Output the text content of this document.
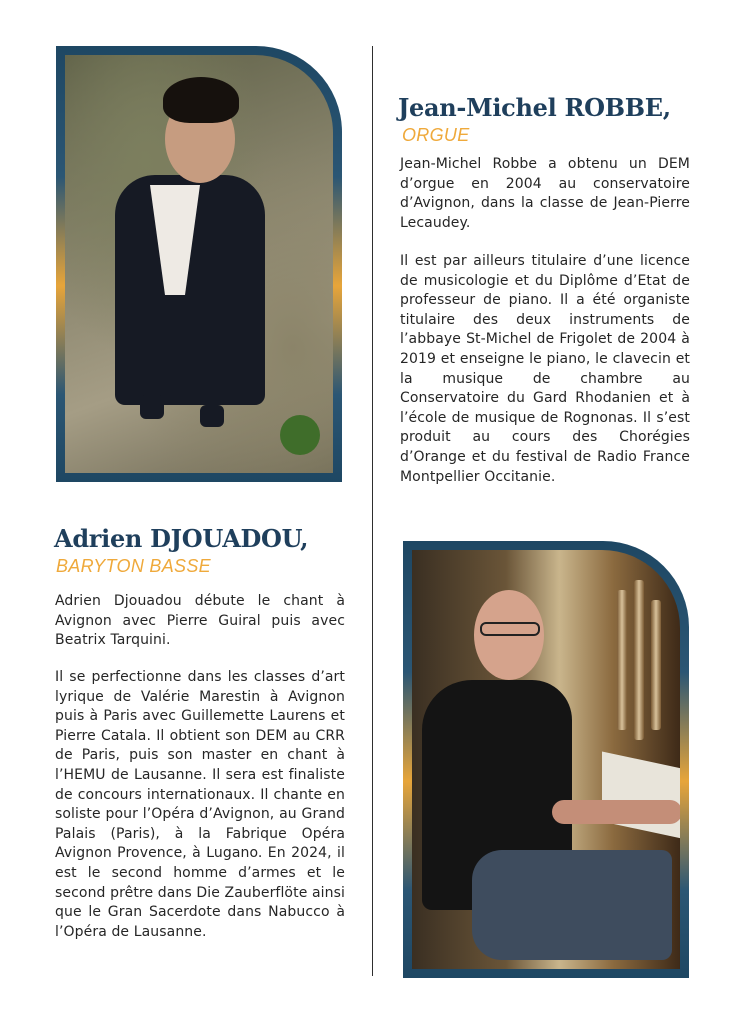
Jean-Michel ROBBE,

ORGUE

Jean-Michel Robbe a obtenu un DEM d’orgue en 2004 au conservatoire d’Avignon, dans la classe de Jean-Pierre Lecaudey.

Il est par ailleurs titulaire d’une licence de musicologie et du Diplôme d’Etat de professeur de piano. Il a été organiste titulaire des deux instruments de l’abbaye St-Michel de Frigolet de 2004 à 2019 et enseigne le piano, le clavecin et la musique de chambre au Conservatoire du Gard Rhodanien et à l’école de musique de Rognonas. Il s’est produit au cours des Chorégies d’Orange et du festival de Radio France Montpellier Occitanie.

Adrien DJOUADOU,

BARYTON BASSE

Adrien Djouadou débute le chant à Avignon avec Pierre Guiral puis avec Beatrix Tarquini.

Il se perfectionne dans les classes d’art lyrique de Valérie Marestin à Avignon puis à Paris avec Guillemette Laurens et Pierre Catala. Il obtient son DEM au CRR de Paris, puis son master en chant à l’HEMU de Lausanne. Il sera est finaliste de concours internationaux. Il chante en soliste pour l’Opéra d’Avignon, au Grand Palais (Paris), à la Fabrique Opéra Avignon Provence, à Lugano. En 2024, il est le second homme d’armes et le second prêtre dans Die Zauberflöte ainsi que le Gran Sacerdote dans Nabucco à l’Opéra de Lausanne.
